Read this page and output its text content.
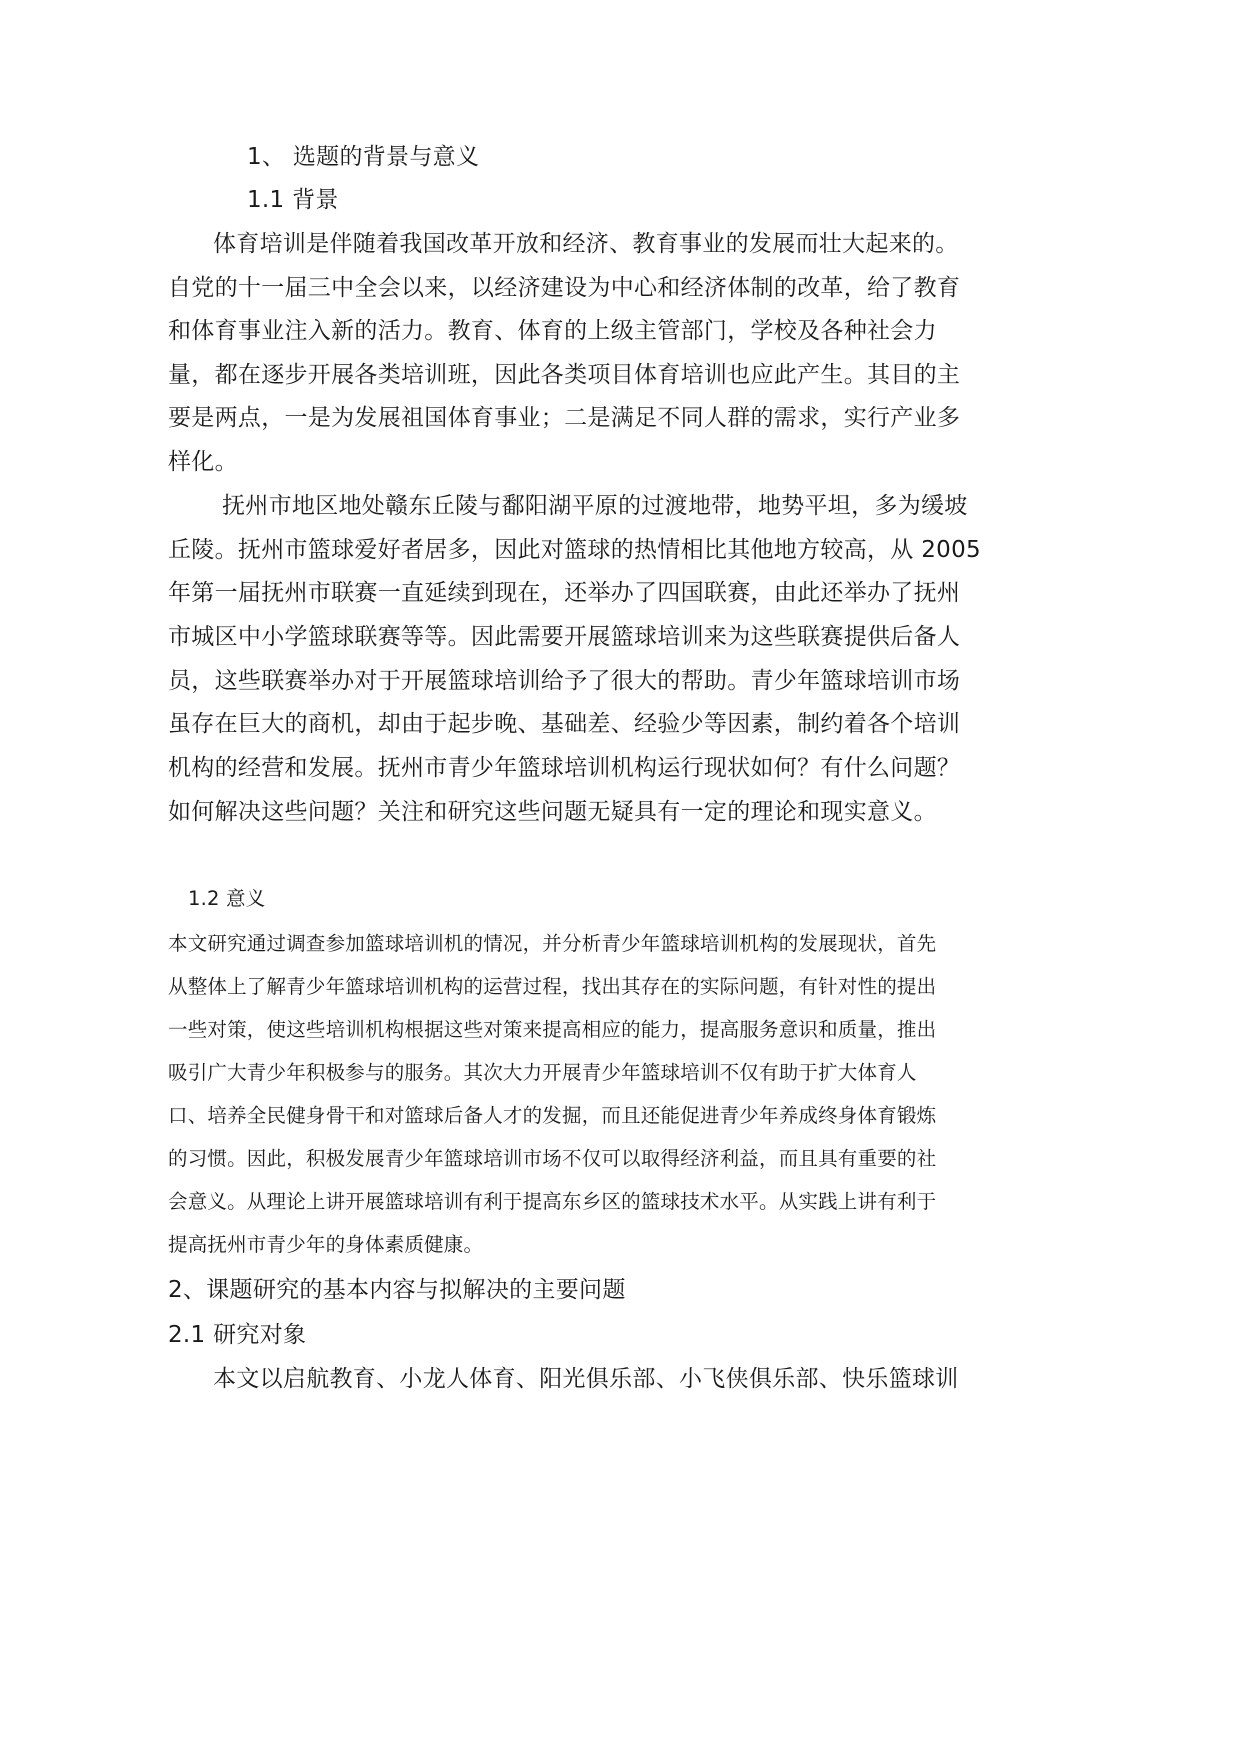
1、 选题的背景与意义
1.1 背景
体育培训是伴随着我国改革开放和经济、教育事业的发展而壮大起来的。
自党的十一届三中全会以来，以经济建设为中心和经济体制的改革，给了教育
和体育事业注入新的活力。教育、体育的上级主管部门，学校及各种社会力
量，都在逐步开展各类培训班，因此各类项目体育培训也应此产生。其目的主
要是两点，一是为发展祖国体育事业；二是满足不同人群的需求，实行产业多
样化。
抚州市地区地处赣东丘陵与鄱阳湖平原的过渡地带，地势平坦，多为缓坡
丘陵。抚州市篮球爱好者居多，因此对篮球的热情相比其他地方较高，从 2005
年第一届抚州市联赛一直延续到现在，还举办了四国联赛，由此还举办了抚州
市城区中小学篮球联赛等等。因此需要开展篮球培训来为这些联赛提供后备人
员，这些联赛举办对于开展篮球培训给予了很大的帮助。青少年篮球培训市场
虽存在巨大的商机，却由于起步晚、基础差、经验少等因素，制约着各个培训
机构的经营和发展。抚州市青少年篮球培训机构运行现状如何？有什么问题？
如何解决这些问题？关注和研究这些问题无疑具有一定的理论和现实意义。
1.2 意义
本文研究通过调查参加篮球培训机的情况，并分析青少年篮球培训机构的发展现状，首先
从整体上了解青少年篮球培训机构的运营过程，找出其存在的实际问题，有针对性的提出
一些对策，使这些培训机构根据这些对策来提高相应的能力，提高服务意识和质量，推出
吸引广大青少年积极参与的服务。其次大力开展青少年篮球培训不仅有助于扩大体育人
口、培养全民健身骨干和对篮球后备人才的发掘，而且还能促进青少年养成终身体育锻炼
的习惯。因此，积极发展青少年篮球培训市场不仅可以取得经济利益，而且具有重要的社
会意义。从理论上讲开展篮球培训有利于提高东乡区的篮球技术水平。从实践上讲有利于
提高抚州市青少年的身体素质健康。
2、课题研究的基本内容与拟解决的主要问题
2.1 研究对象
本文以启航教育、小龙人体育、阳光俱乐部、小飞侠俱乐部、快乐篮球训
